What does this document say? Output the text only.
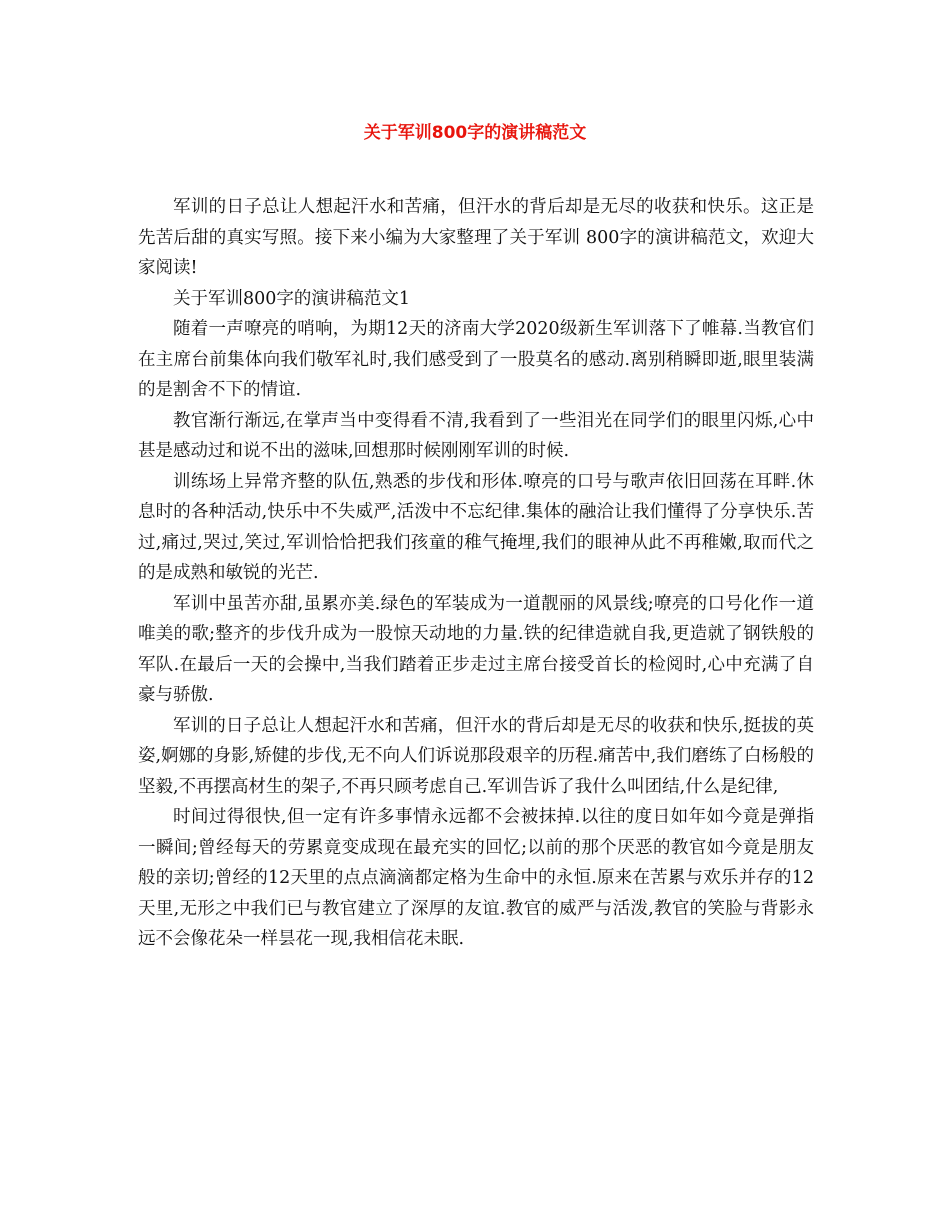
关于军训800字的演讲稿范文

军训的日子总让人想起汗水和苦痛，但汗水的背后却是无尽的收获和快乐。这正是先苦后甜的真实写照。接下来小编为大家整理了关于军训 800字的演讲稿范文，欢迎大家阅读!

关于军训800字的演讲稿范文1

随着一声嘹亮的哨响，为期12天的济南大学2020级新生军训落下了帷幕.当教官们在主席台前集体向我们敬军礼时,我们感受到了一股莫名的感动.离别稍瞬即逝,眼里装满的是割舍不下的情谊.

教官渐行渐远,在掌声当中变得看不清,我看到了一些泪光在同学们的眼里闪烁,心中甚是感动过和说不出的滋味,回想那时候刚刚军训的时候.

训练场上异常齐整的队伍,熟悉的步伐和形体.嘹亮的口号与歌声依旧回荡在耳畔.休息时的各种活动,快乐中不失威严,活泼中不忘纪律.集体的融洽让我们懂得了分享快乐.苦过,痛过,哭过,笑过,军训恰恰把我们孩童的稚气掩埋,我们的眼神从此不再稚嫩,取而代之的是成熟和敏锐的光芒.

军训中虽苦亦甜,虽累亦美.绿色的军装成为一道靓丽的风景线;嘹亮的口号化作一道唯美的歌;整齐的步伐升成为一股惊天动地的力量.铁的纪律造就自我,更造就了钢铁般的军队.在最后一天的会操中,当我们踏着正步走过主席台接受首长的检阅时,心中充满了自豪与骄傲.

军训的日子总让人想起汗水和苦痛，但汗水的背后却是无尽的收获和快乐,挺拔的英姿,婀娜的身影,矫健的步伐,无不向人们诉说那段艰辛的历程.痛苦中,我们磨练了白杨般的坚毅,不再摆高材生的架子,不再只顾考虑自己.军训告诉了我什么叫团结,什么是纪律,

时间过得很快,但一定有许多事情永远都不会被抹掉.以往的度日如年如今竟是弹指一瞬间;曾经每天的劳累竟变成现在最充实的回忆;以前的那个厌恶的教官如今竟是朋友般的亲切;曾经的12天里的点点滴滴都定格为生命中的永恒.原来在苦累与欢乐并存的12天里,无形之中我们已与教官建立了深厚的友谊.教官的威严与活泼,教官的笑脸与背影永远不会像花朵一样昙花一现,我相信花未眠.
